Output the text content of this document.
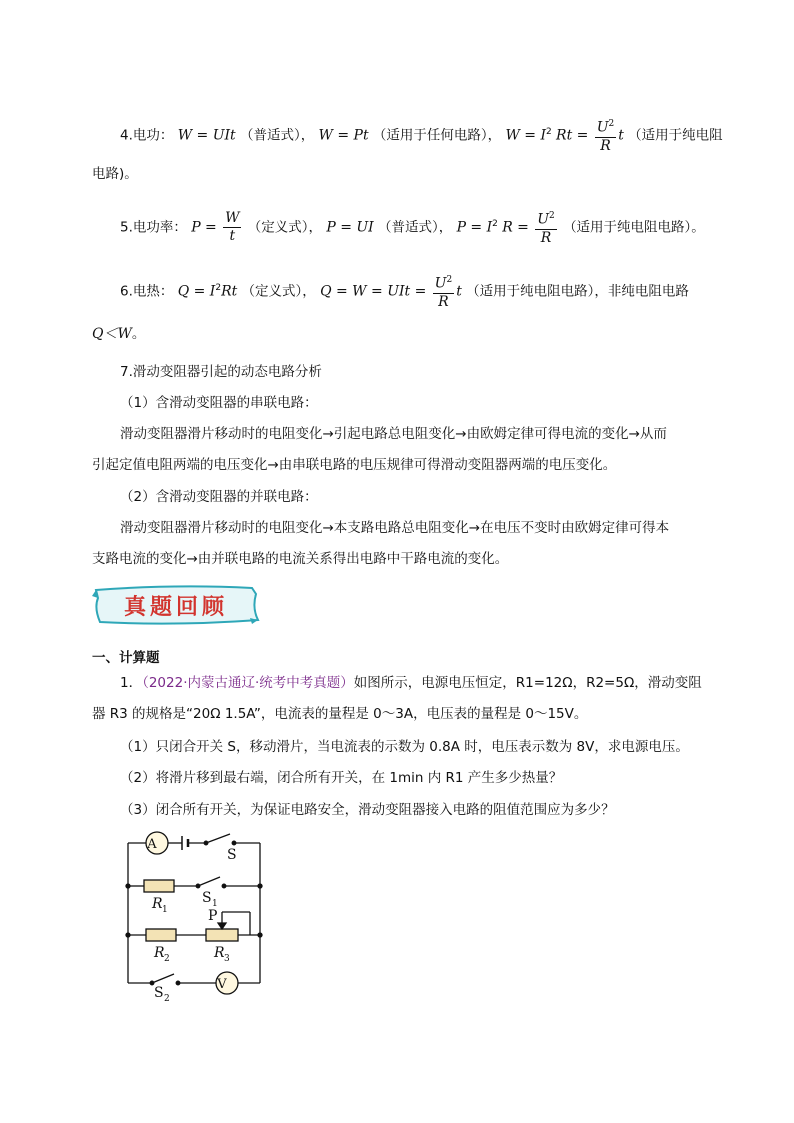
4.电功： W = UIt （普适式）， W = Pt （适用于任何电路）， $W = I^2$ $Rt = \frac{U^2}{R}$ t （适用于纯电阻
电路)。
5.电功率： $P = \frac{W}{t}$ （定义式）， P = UI （普适式）， $P = I^2$ $R = \frac{U^2}{R}$ （适用于纯电阻电路）。
6.电热： $Q = I^2Rt$ （定义式）， Q = W = UIt = $\frac{U^2}{R}$ t （适用于纯电阻电路），非纯电阻电路
Q＜W。
7.滑动变阻器引起的动态电路分析
（1）含滑动变阻器的串联电路：
滑动变阻器滑片移动时的电阻变化→引起电路总电阻变化→由欧姆定律可得电流的变化→从而
引起定值电阻两端的电压变化→由串联电路的电压规律可得滑动变阻器两端的电压变化。
（2）含滑动变阻器的并联电路：
滑动变阻器滑片移动时的电阻变化→本支路电路总电阻变化→在电压不变时由欧姆定律可得本
支路电流的变化→由并联电路的电流关系得出电路中干路电流的变化。
真题回顾
一、计算题
1．（2022·内蒙古通辽·统考中考真题）如图所示，电源电压恒定，R1=12Ω，R2=5Ω，滑动变阻
器 R3 的规格是“20Ω 1.5A”，电流表的量程是 0～3A，电压表的量程是 0～15V。
（1）只闭合开关 S，移动滑片，当电流表的示数为 0.8A 时，电压表示数为 8V，求电源电压。
（2）将滑片移到最右端，闭合所有开关，在 1min 内 R1 产生多少热量？
（3）闭合所有开关，为保证电路安全，滑动变阻器接入电路的阻值范围应为多少？
A
V
S
S 1
S 2
R 1
R 2	R 3
P
